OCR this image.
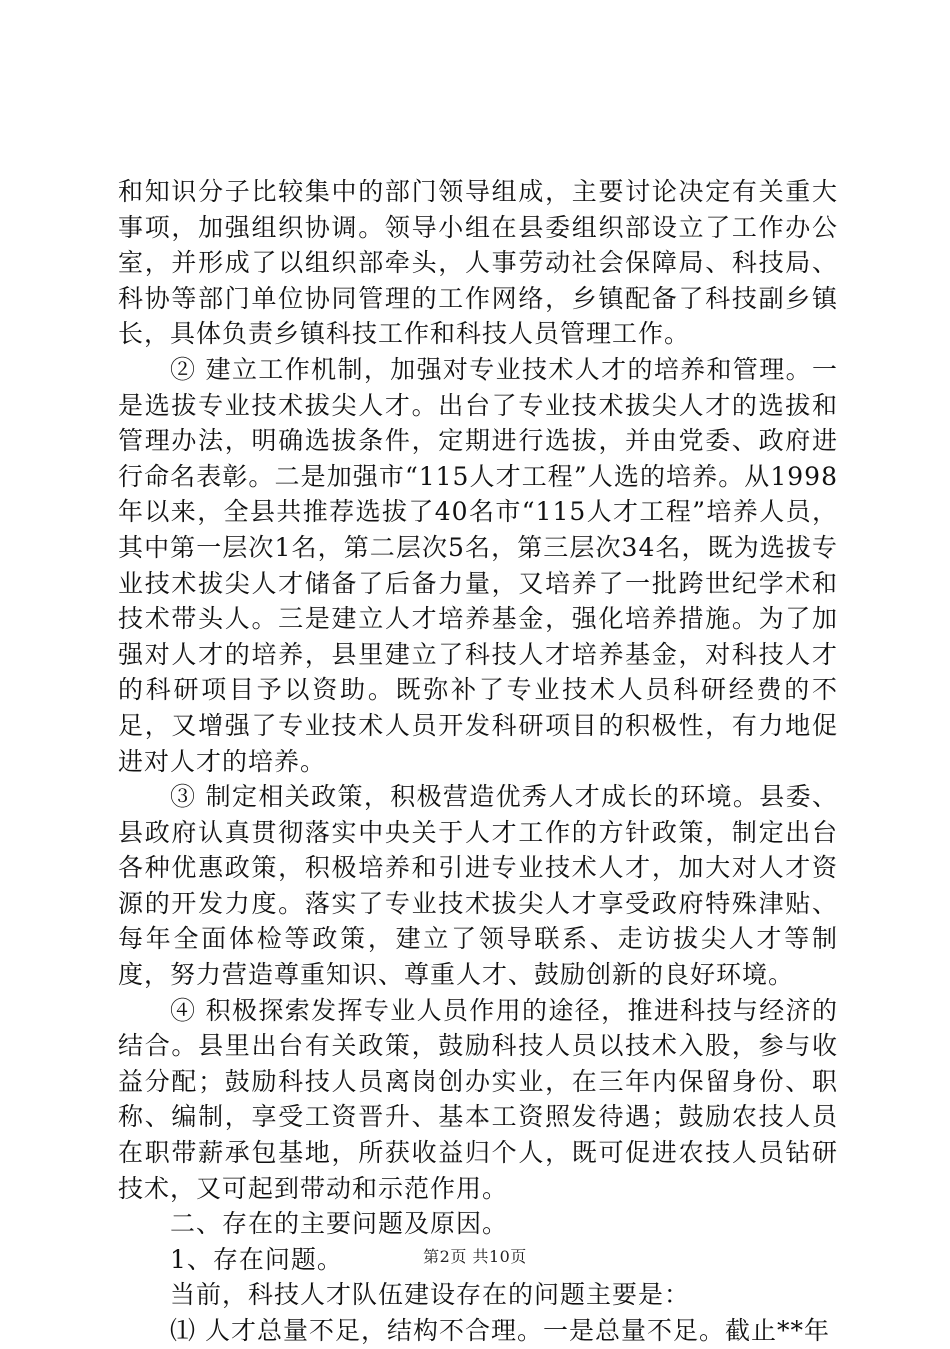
和知识分子比较集中的部门领导组成，主要讨论决定有关重大事项，加强组织协调。领导小组在县委组织部设立了工作办公室，并形成了以组织部牵头，人事劳动社会保障局、科技局、科协等部门单位协同管理的工作网络，乡镇配备了科技副乡镇长，具体负责乡镇科技工作和科技人员管理工作。

② 建立工作机制，加强对专业技术人才的培养和管理。一是选拔专业技术拔尖人才。出台了专业技术拔尖人才的选拔和管理办法，明确选拔条件，定期进行选拔，并由党委、政府进行命名表彰。二是加强市“115人才工程”人选的培养。从1998年以来，全县共推荐选拔了40名市“115人才工程”培养人员，其中第一层次1名，第二层次5名，第三层次34名，既为选拔专业技术拔尖人才储备了后备力量，又培养了一批跨世纪学术和技术带头人。三是建立人才培养基金，强化培养措施。为了加强对人才的培养，县里建立了科技人才培养基金，对科技人才的科研项目予以资助。既弥补了专业技术人员科研经费的不足，又增强了专业技术人员开发科研项目的积极性，有力地促进对人才的培养。

③ 制定相关政策，积极营造优秀人才成长的环境。县委、县政府认真贯彻落实中央关于人才工作的方针政策，制定出台各种优惠政策，积极培养和引进专业技术人才，加大对人才资源的开发力度。落实了专业技术拔尖人才享受政府特殊津贴、每年全面体检等政策，建立了领导联系、走访拔尖人才等制度，努力营造尊重知识、尊重人才、鼓励创新的良好环境。

④ 积极探索发挥专业人员作用的途径，推进科技与经济的结合。县里出台有关政策，鼓励科技人员以技术入股，参与收益分配；鼓励科技人员离岗创办实业，在三年内保留身份、职称、编制，享受工资晋升、基本工资照发待遇；鼓励农技人员在职带薪承包基地，所获收益归个人，既可促进农技人员钻研技术，又可起到带动和示范作用。

二、存在的主要问题及原因。

1、存在问题。

当前，科技人才队伍建设存在的问题主要是：

⑴ 人才总量不足，结构不合理。一是总量不足。截止**年

第2页 共10页
